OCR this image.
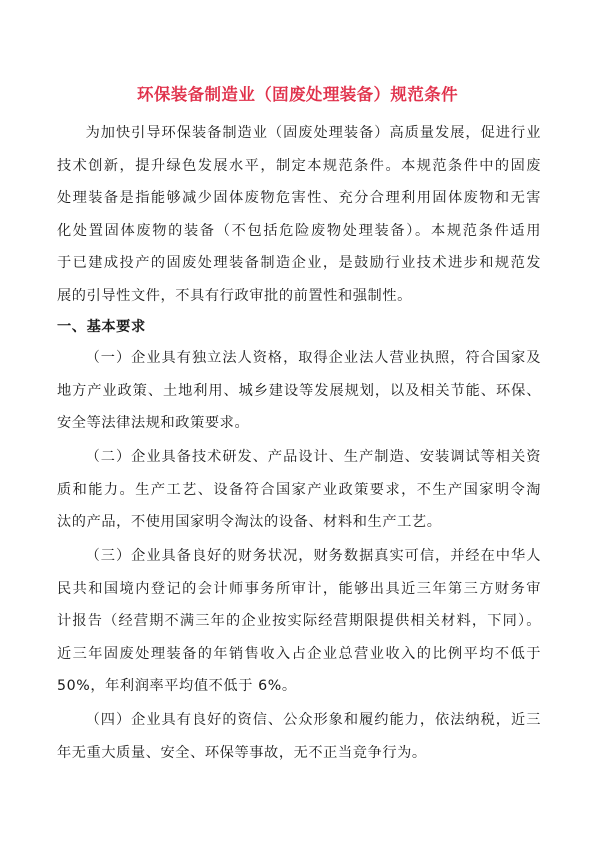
环保装备制造业（固废处理装备）规范条件
为加快引导环保装备制造业（固废处理装备）高质量发展，促进行业
技术创新，提升绿色发展水平，制定本规范条件。本规范条件中的固废
处理装备是指能够减少固体废物危害性、充分合理利用固体废物和无害
化处置固体废物的装备（不包括危险废物处理装备）。本规范条件适用
于已建成投产的固废处理装备制造企业，是鼓励行业技术进步和规范发
展的引导性文件，不具有行政审批的前置性和强制性。
一、基本要求
（一）企业具有独立法人资格，取得企业法人营业执照，符合国家及
地方产业政策、土地利用、城乡建设等发展规划，以及相关节能、环保、
安全等法律法规和政策要求。
（二）企业具备技术研发、产品设计、生产制造、安装调试等相关资
质和能力。生产工艺、设备符合国家产业政策要求，不生产国家明令淘
汰的产品，不使用国家明令淘汰的设备、材料和生产工艺。
（三）企业具备良好的财务状况，财务数据真实可信，并经在中华人
民共和国境内登记的会计师事务所审计，能够出具近三年第三方财务审
计报告（经营期不满三年的企业按实际经营期限提供相关材料，下同）。
近三年固废处理装备的年销售收入占企业总营业收入的比例平均不低于
50%，年利润率平均值不低于 6%。
（四）企业具有良好的资信、公众形象和履约能力，依法纳税，近三
年无重大质量、安全、环保等事故，无不正当竞争行为。
